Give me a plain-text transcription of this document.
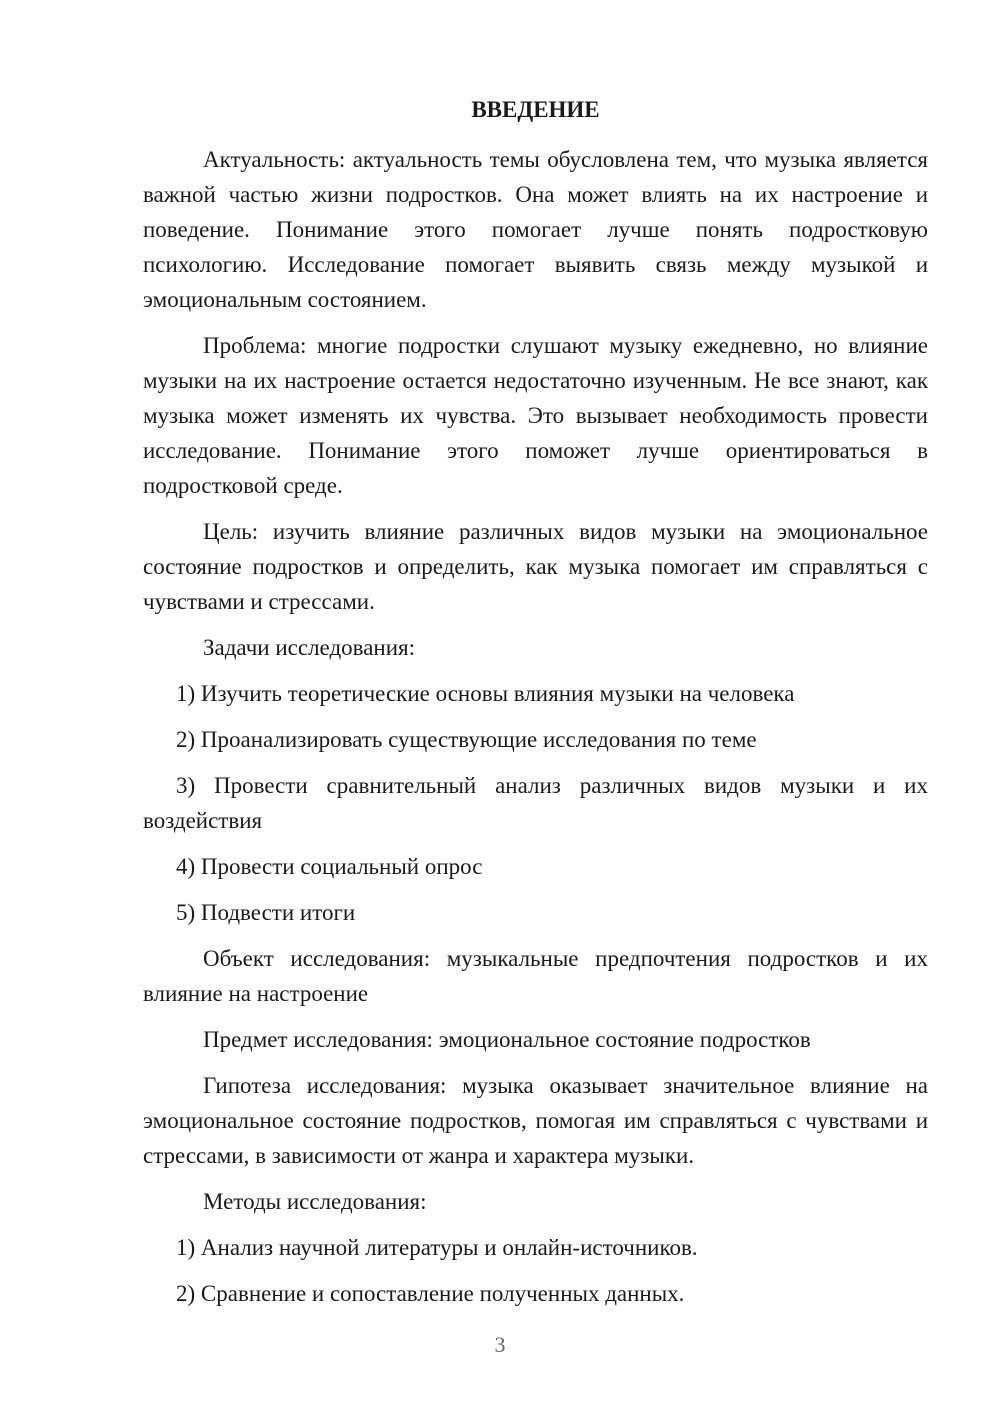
ВВЕДЕНИЕ

Актуальность: актуальность темы обусловлена тем, что музыка является важной частью жизни подростков. Она может влиять на их настроение и поведение. Понимание этого помогает лучше понять подростковую психологию. Исследование помогает выявить связь между музыкой и эмоциональным состоянием.

Проблема: многие подростки слушают музыку ежедневно, но влияние музыки на их настроение остается недостаточно изученным. Не все знают, как музыка может изменять их чувства. Это вызывает необходимость провести исследование. Понимание этого поможет лучше ориентироваться в подростковой среде.

Цель: изучить влияние различных видов музыки на эмоциональное состояние подростков и определить, как музыка помогает им справляться с чувствами и стрессами.

Задачи исследования:

1) Изучить теоретические основы влияния музыки на человека

2) Проанализировать существующие исследования по теме

3) Провести сравнительный анализ различных видов музыки и их воздействия

4) Провести социальный опрос

5) Подвести итоги

Объект исследования: музыкальные предпочтения подростков и их влияние на настроение

Предмет исследования: эмоциональное состояние подростков

Гипотеза исследования: музыка оказывает значительное влияние на эмоциональное состояние подростков, помогая им справляться с чувствами и стрессами, в зависимости от жанра и характера музыки.

Методы исследования:

1) Анализ научной литературы и онлайн-источников.

2) Сравнение и сопоставление полученных данных.

3
